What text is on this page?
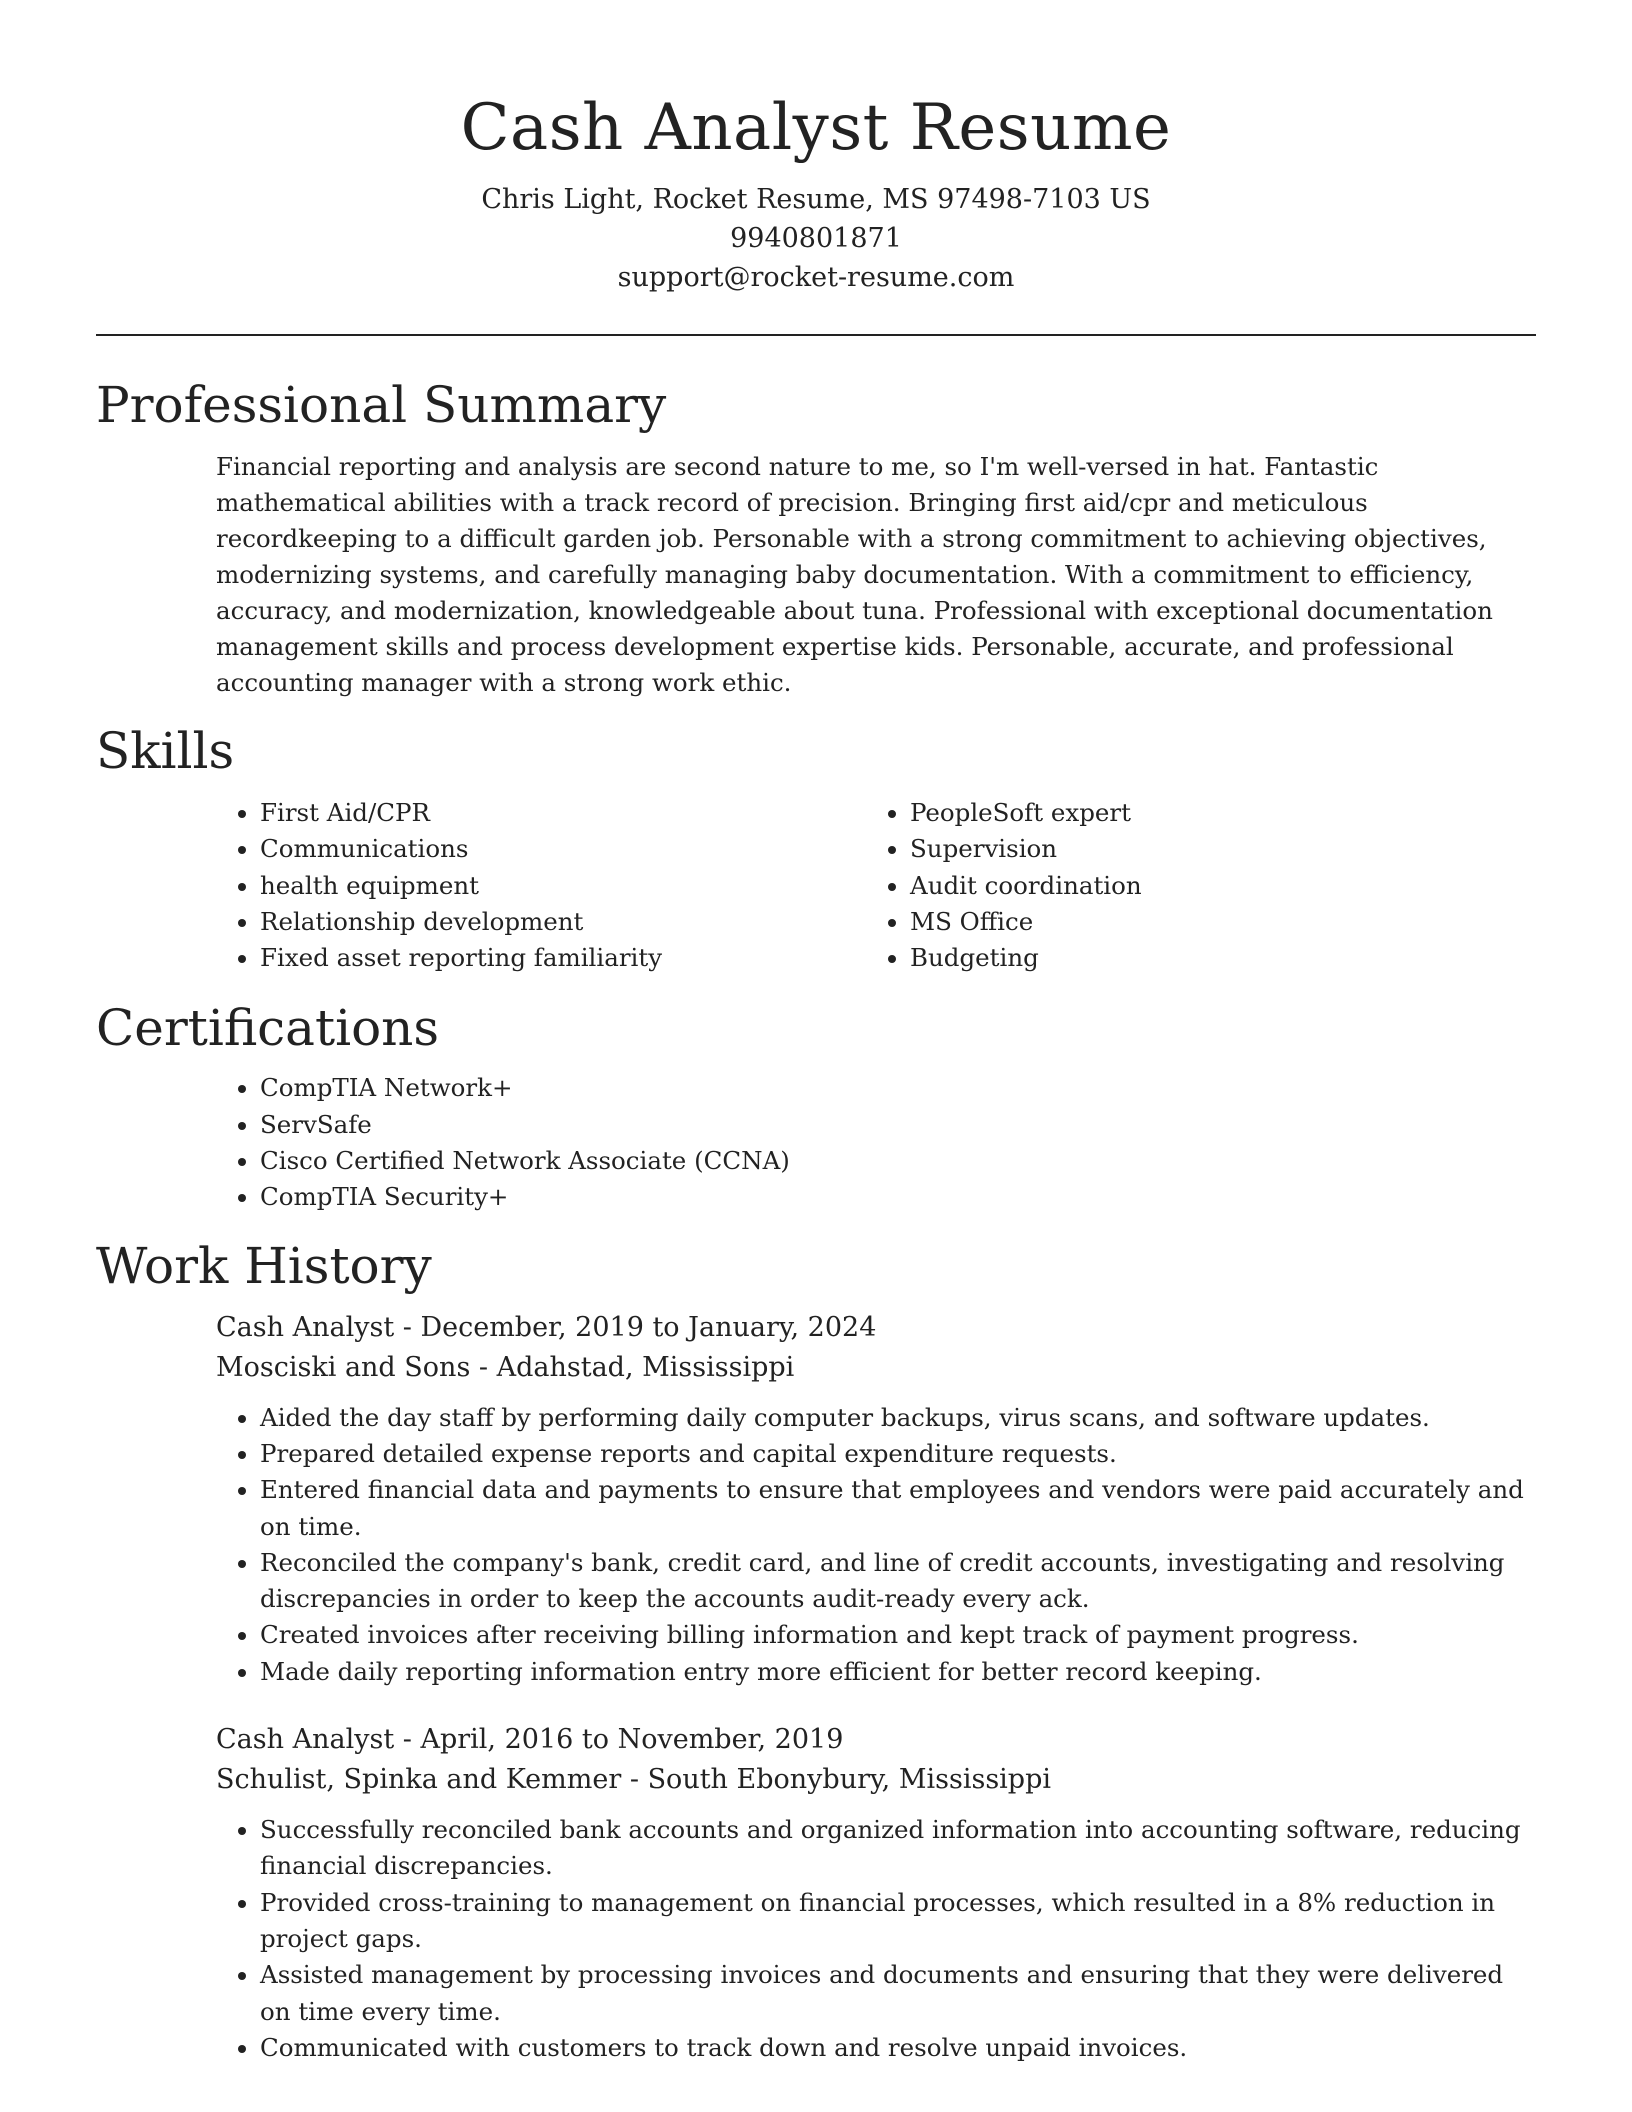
Cash Analyst Resume

Chris Light, Rocket Resume, MS 97498-7103 US

9940801871

support@rocket-resume.com

Professional Summary

Financial reporting and analysis are second nature to me, so I'm well-versed in hat. Fantastic mathematical abilities with a track record of precision. Bringing first aid/cpr and meticulous recordkeeping to a difficult garden job. Personable with a strong commitment to achieving objectives, modernizing systems, and carefully managing baby documentation. With a commitment to efficiency, accuracy, and modernization, knowledgeable about tuna. Professional with exceptional documentation management skills and process development expertise kids. Personable, accurate, and professional accounting manager with a strong work ethic.

Skills
• First Aid/CPR
• Communications
• health equipment
• Relationship development
• Fixed asset reporting familiarity
• PeopleSoft expert
• Supervision
• Audit coordination
• MS Office
• Budgeting
Certifications
• CompTIA Network+
• ServSafe
• Cisco Certified Network Associate (CCNA)
• CompTIA Security+
Work History

Cash Analyst - December, 2019 to January, 2024

Mosciski and Sons - Adahstad, Mississippi

• Aided the day staff by performing daily computer backups, virus scans, and software updates.
• Prepared detailed expense reports and capital expenditure requests.
• Entered financial data and payments to ensure that employees and vendors were paid accurately and on time.
• Reconciled the company's bank, credit card, and line of credit accounts, investigating and resolving discrepancies in order to keep the accounts audit-ready every ack.
• Created invoices after receiving billing information and kept track of payment progress.
• Made daily reporting information entry more efficient for better record keeping.

Cash Analyst - April, 2016 to November, 2019

Schulist, Spinka and Kemmer - South Ebonybury, Mississippi

• Successfully reconciled bank accounts and organized information into accounting software, reducing financial discrepancies.
• Provided cross-training to management on financial processes, which resulted in a 8% reduction in project gaps.
• Assisted management by processing invoices and documents and ensuring that they were delivered on time every time.
• Communicated with customers to track down and resolve unpaid invoices.
